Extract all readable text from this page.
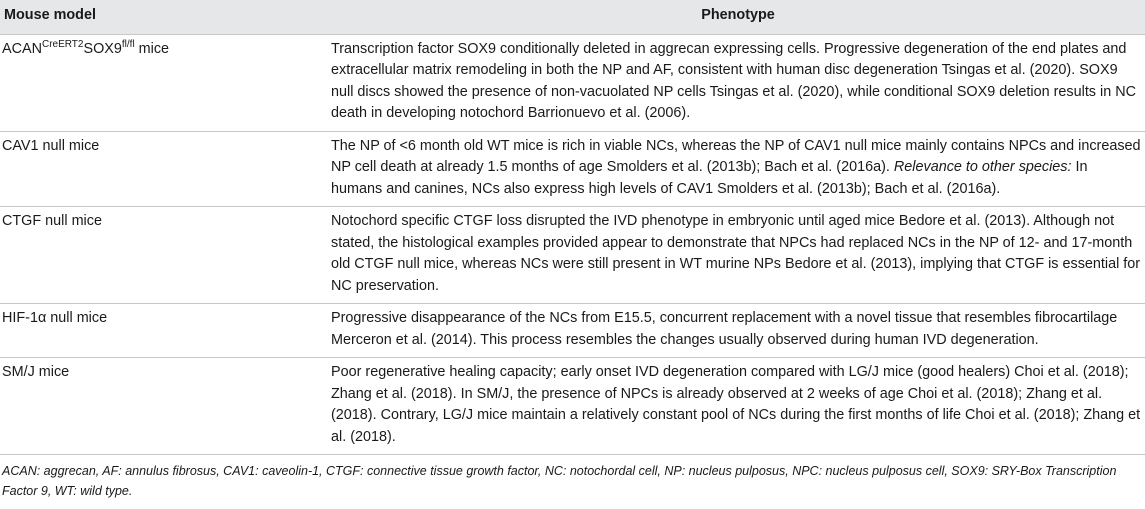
Mouse model	Phenotype
$ACAN^{CreERT2}SOX9^{fl/fl}$ mice	Transcription factor SOX9 conditionally deleted in aggrecan expressing cells. Progressive degeneration of the end plates and extracellular matrix remodeling in both the NP and AF, consistent with human disc degeneration Tsingas et al. (2020). SOX9 null discs showed the presence of non-vacuolated NP cells Tsingas et al. (2020), while conditional SOX9 deletion results in NC death in developing notochord Barrionuevo et al. (2006).
CAV1 null mice	The NP of <6 month old WT mice is rich in viable NCs, whereas the NP of CAV1 null mice mainly contains NPCs and increased NP cell death at already 1.5 months of age Smolders et al. (2013b); Bach et al. (2016a). Relevance to other species: In humans and canines, NCs also express high levels of CAV1 Smolders et al. (2013b); Bach et al. (2016a).
CTGF null mice	Notochord specific CTGF loss disrupted the IVD phenotype in embryonic until aged mice Bedore et al. (2013). Although not stated, the histological examples provided appear to demonstrate that NPCs had replaced NCs in the NP of 12- and 17-month old CTGF null mice, whereas NCs were still present in WT murine NPs Bedore et al. (2013), implying that CTGF is essential for NC preservation.
HIF-1α null mice	Progressive disappearance of the NCs from E15.5, concurrent replacement with a novel tissue that resembles fibrocartilage Merceron et al. (2014). This process resembles the changes usually observed during human IVD degeneration.
SM/J mice	Poor regenerative healing capacity; early onset IVD degeneration compared with LG/J mice (good healers) Choi et al. (2018); Zhang et al. (2018). In SM/J, the presence of NPCs is already observed at 2 weeks of age Choi et al. (2018); Zhang et al. (2018). Contrary, LG/J mice maintain a relatively constant pool of NCs during the first months of life Choi et al. (2018); Zhang et al. (2018).
ACAN: aggrecan, AF: annulus fibrosus, CAV1: caveolin-1, CTGF: connective tissue growth factor, NC: notochordal cell, NP: nucleus pulposus, NPC: nucleus pulposus cell, SOX9: SRY-Box Transcription Factor 9, WT: wild type.
